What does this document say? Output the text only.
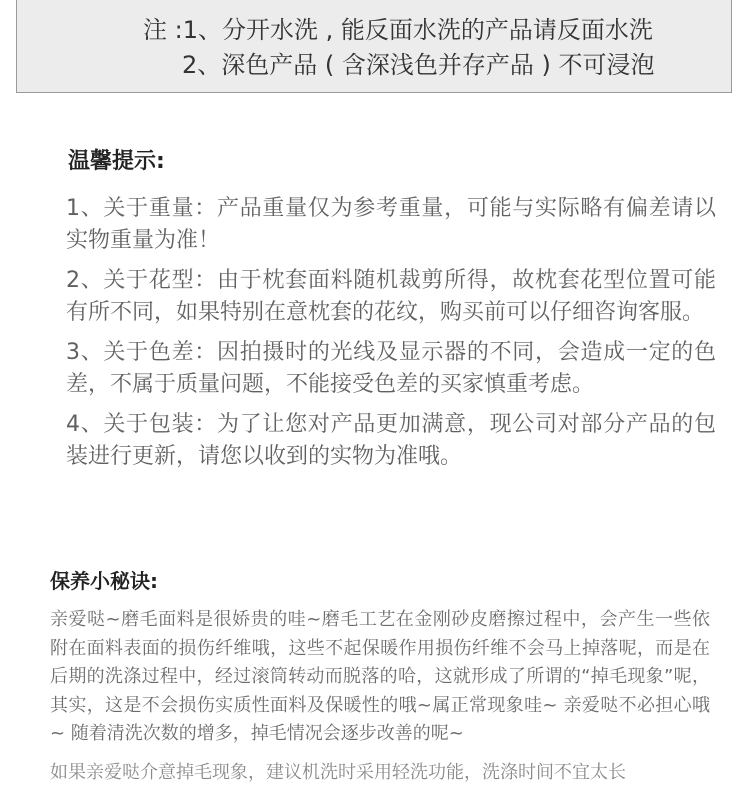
注 :1、分开水洗 , 能反面水洗的产品请反面水洗
2、深色产品 ( 含深浅色并存产品 ) 不可浸泡
温馨提示:
1、关于重量：产品重量仅为参考重量，可能与实际略有偏差请以实物重量为准！
2、关于花型：由于枕套面料随机裁剪所得，故枕套花型位置可能有所不同，如果特别在意枕套的花纹，购买前可以仔细咨询客服。
3、关于色差：因拍摄时的光线及显示器的不同，会造成一定的色差，不属于质量问题，不能接受色差的买家慎重考虑。
4、关于包装：为了让您对产品更加满意，现公司对部分产品的包装进行更新，请您以收到的实物为准哦。
保养小秘诀:

亲爱哒~磨毛面料是很娇贵的哇~磨毛工艺在金刚砂皮磨擦过程中，会产生一些依附在面料表面的损伤纤维哦，这些不起保暖作用损伤纤维不会马上掉落呢，而是在后期的洗涤过程中，经过滚筒转动而脱落的哈，这就形成了所谓的“掉毛现象”呢，其实，这是不会损伤实质性面料及保暖性的哦~属正常现象哇~ 亲爱哒不必担心哦~ 随着清洗次数的增多，掉毛情况会逐步改善的呢~

如果亲爱哒介意掉毛现象，建议机洗时采用轻洗功能，洗涤时间不宜太长
